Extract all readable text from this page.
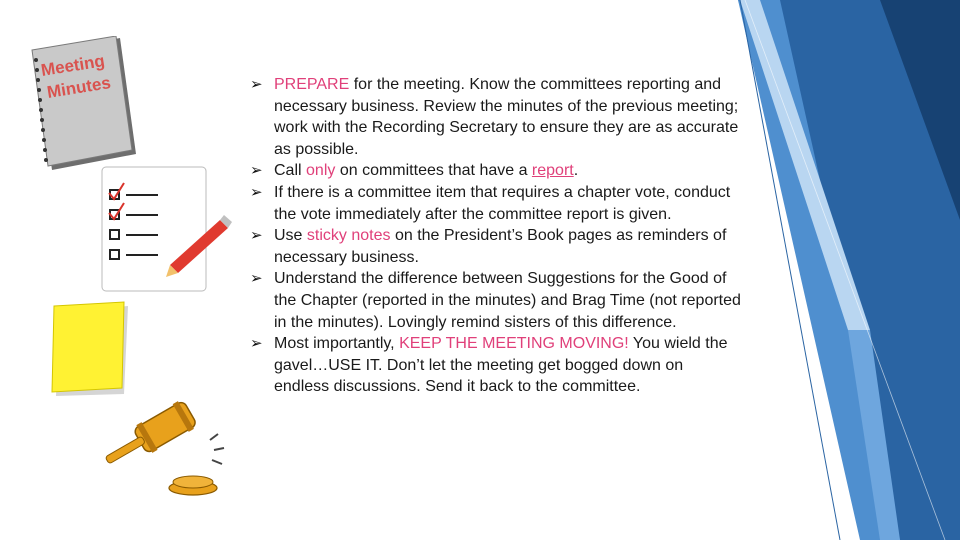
Meeting
Minutes	➢ PREPARE for the meeting. Know the committees reporting and necessary business. Review the minutes of the previous meeting; work with the Recording Secretary to ensure they are as accurate as possible.
➢ Call only on committees that have a report.
➢ If there is a committee item that requires a chapter vote, conduct the vote immediately after the committee report is given.
➢ Use sticky notes on the President’s Book pages as reminders of necessary business.
➢ Understand the difference between Suggestions for the Good of the Chapter (reported in the minutes) and Brag Time (not reported in the minutes). Lovingly remind sisters of this difference.
➢ Most importantly, KEEP THE MEETING MOVING! You wield the gavel…USE IT. Don’t let the meeting get bogged down on endless discussions. Send it back to the committee.
